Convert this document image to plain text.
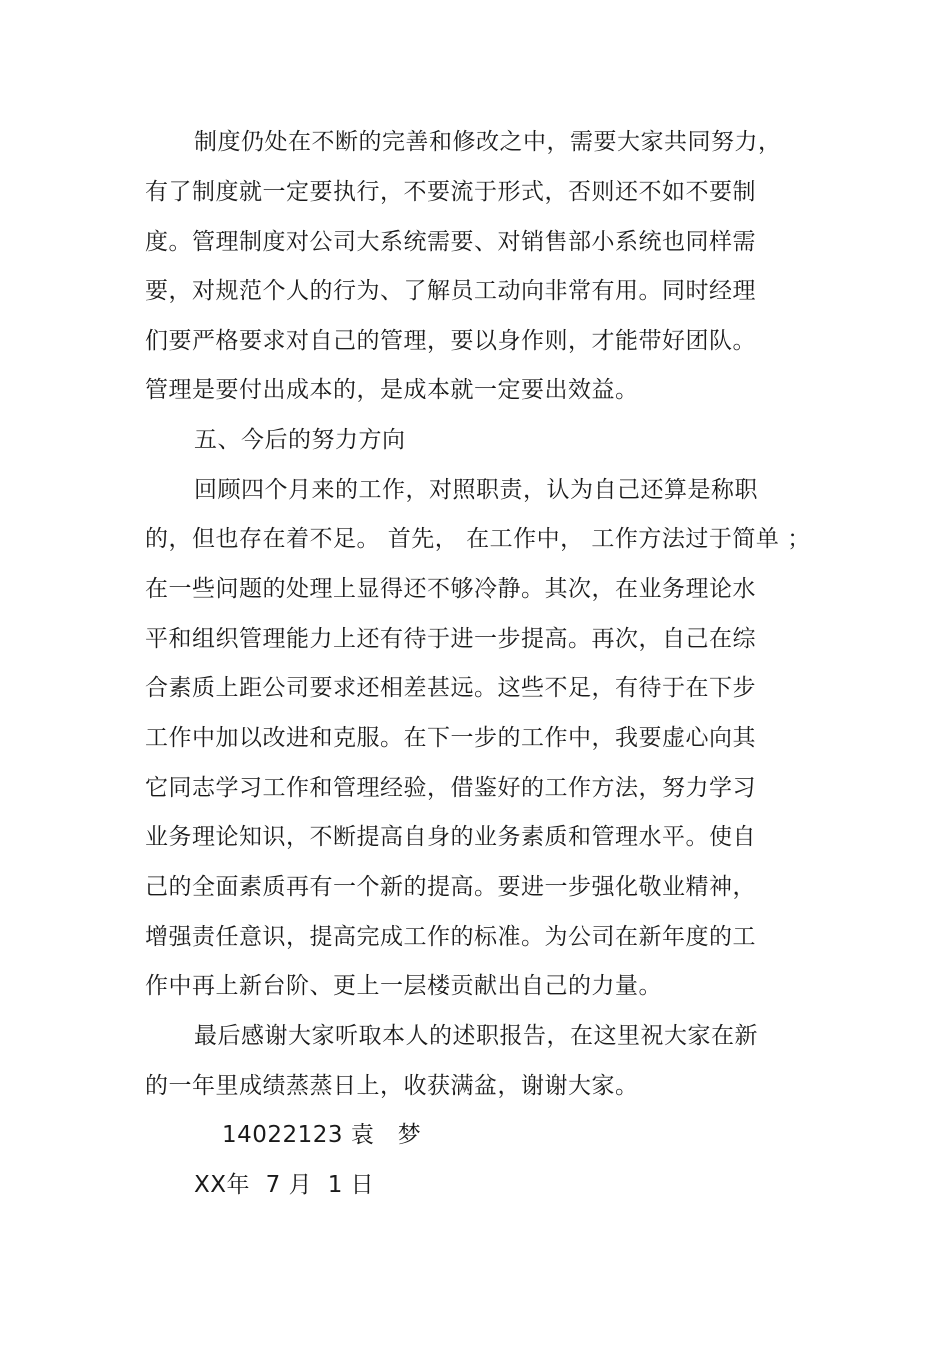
制度仍处在不断的完善和修改之中，需要大家共同努力，
有了制度就一定要执行，不要流于形式，否则还不如不要制
度。管理制度对公司大系统需要、对销售部小系统也同样需
要，对规范个人的行为、了解员工动向非常有用。同时经理
们要严格要求对自己的管理，要以身作则，才能带好团队。
管理是要付出成本的，是成本就一定要出效益。
五、今后的努力方向
回顾四个月来的工作，对照职责，认为自己还算是称职
的，但也存在着不足。 首先， 在工作中， 工作方法过于简单 ；
在一些问题的处理上显得还不够冷静。其次，在业务理论水
平和组织管理能力上还有待于进一步提高。再次，自己在综
合素质上距公司要求还相差甚远。这些不足，有待于在下步
工作中加以改进和克服。在下一步的工作中，我要虚心向其
它同志学习工作和管理经验，借鉴好的工作方法，努力学习
业务理论知识，不断提高自身的业务素质和管理水平。使自
己的全面素质再有一个新的提高。要进一步强化敬业精神，
增强责任意识，提高完成工作的标准。为公司在新年度的工
作中再上新台阶、更上一层楼贡献出自己的力量。
最后感谢大家听取本人的述职报告，在这里祝大家在新
的一年里成绩蒸蒸日上，收获满盆，谢谢大家。
14022123 袁   梦
XX年  7 月  1 日
